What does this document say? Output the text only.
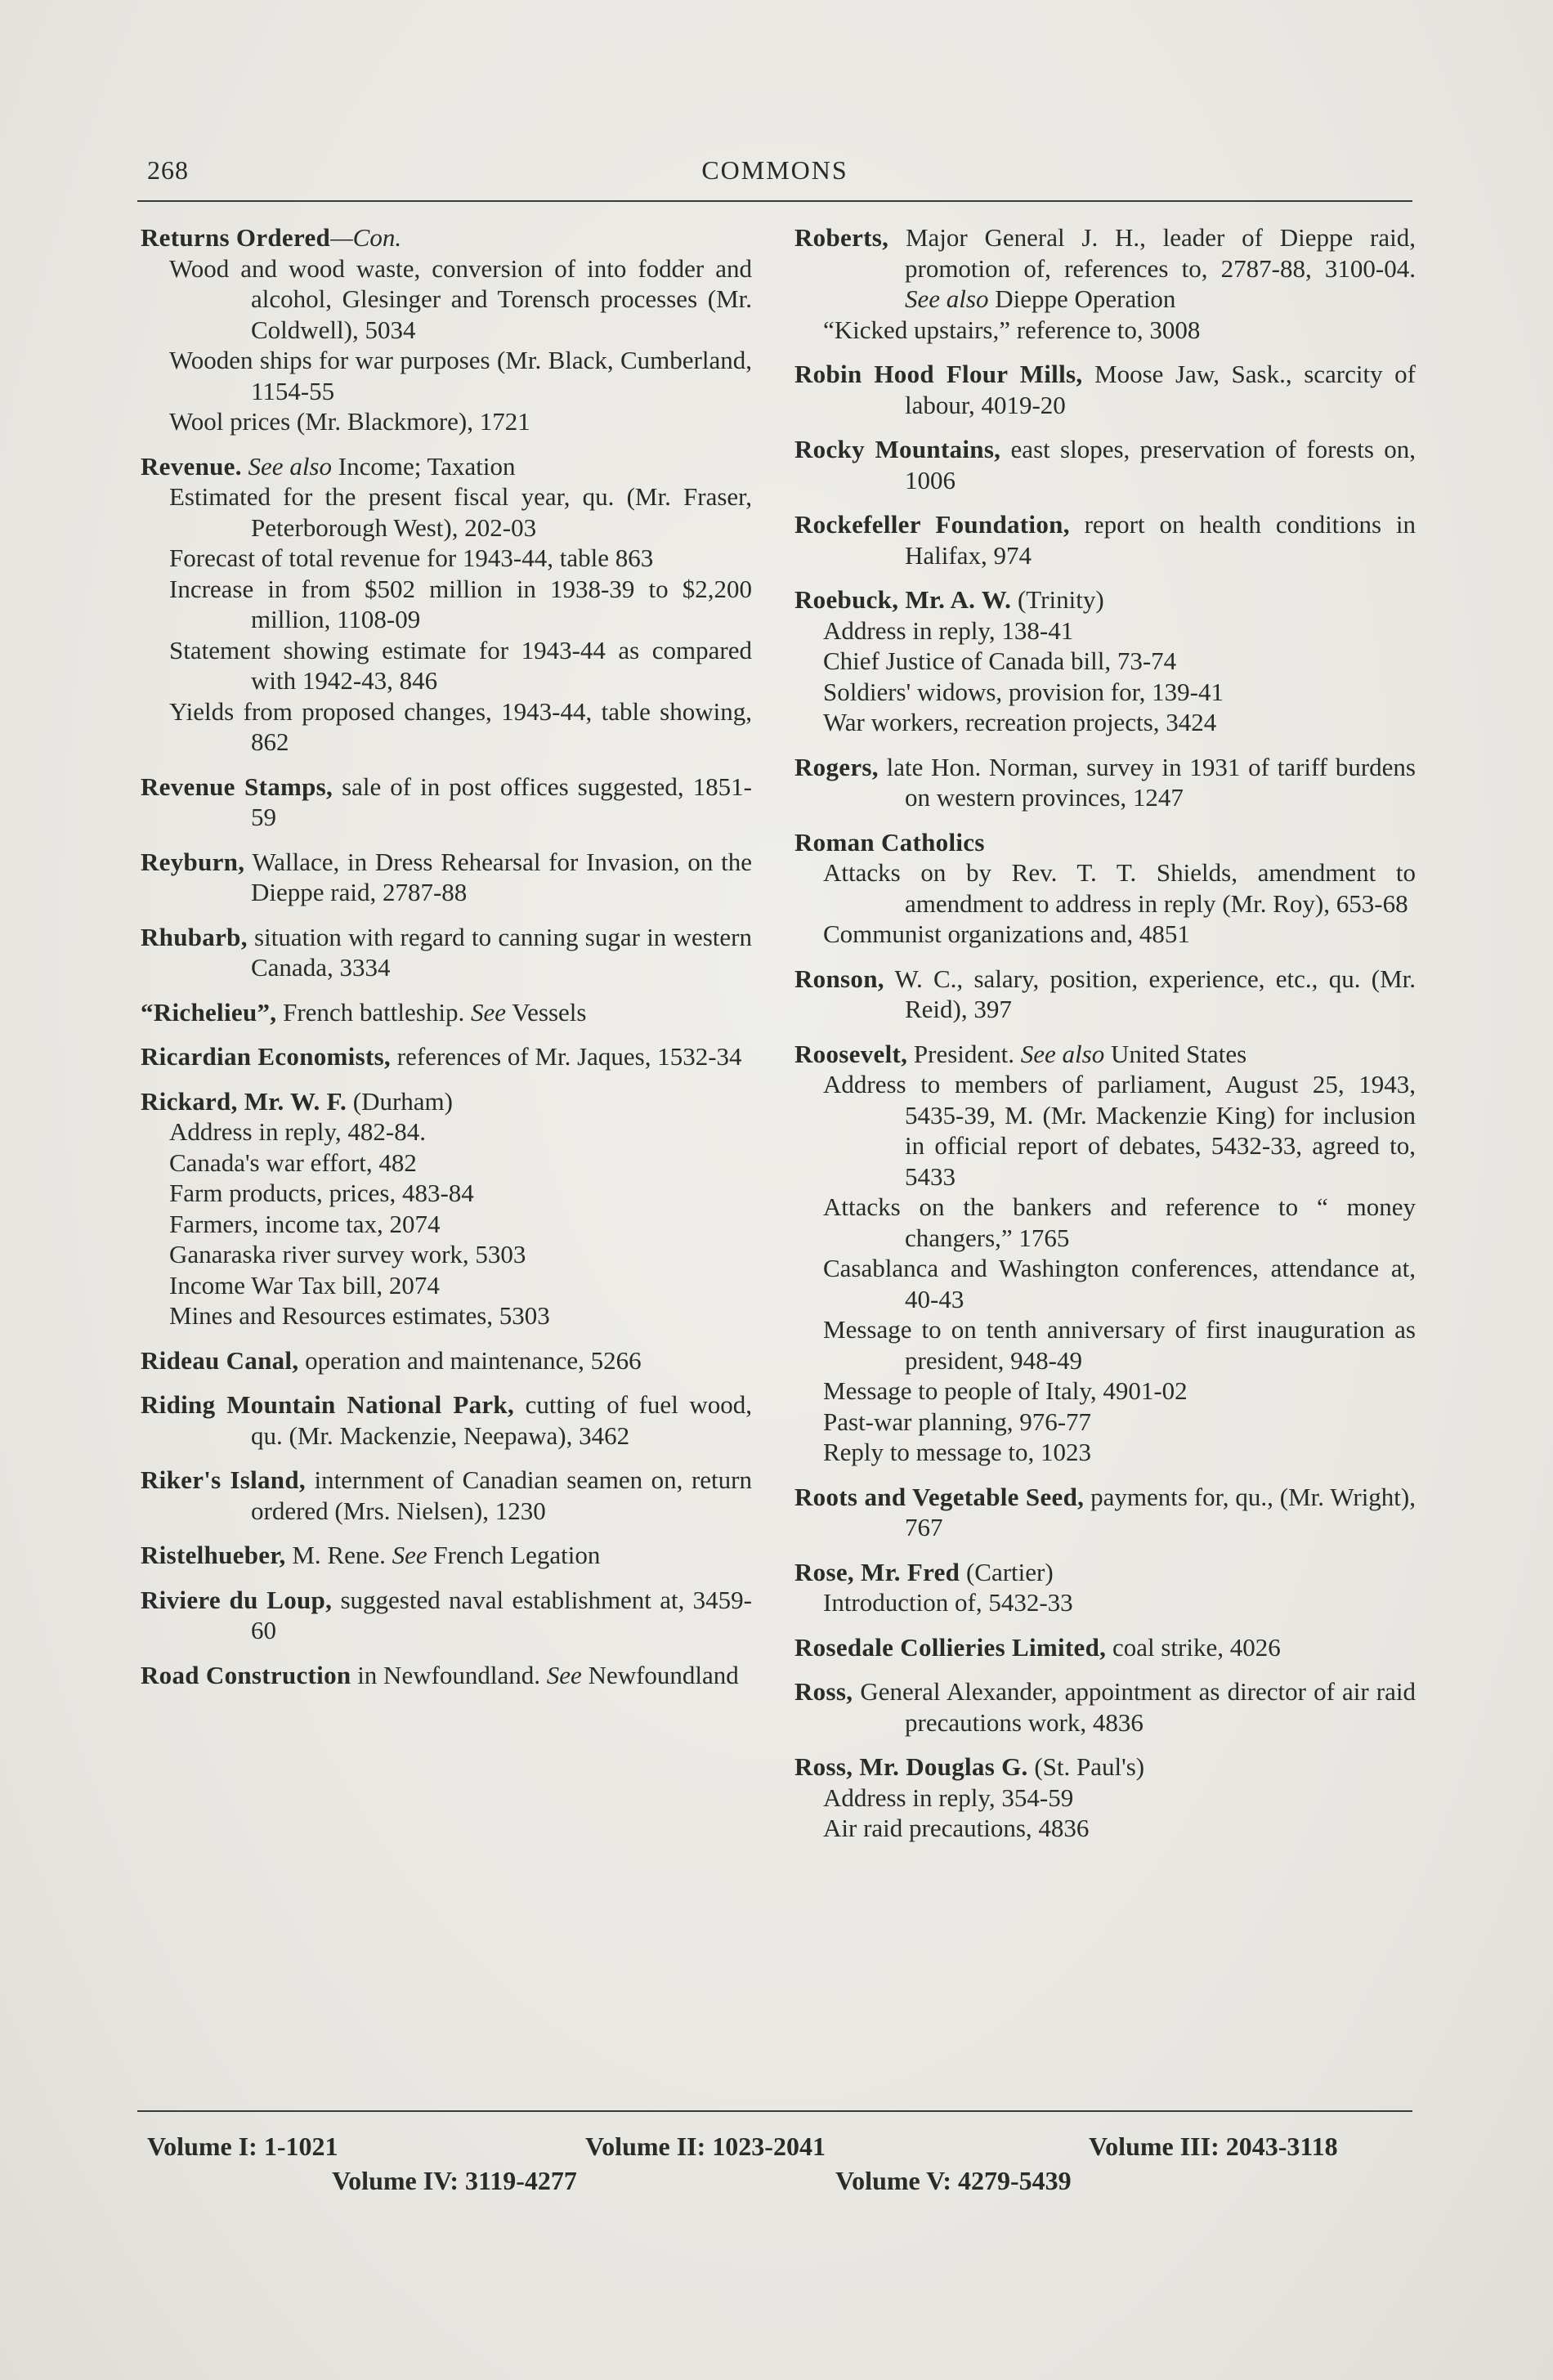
268	COMMONS
Returns Ordered—Con.
Wood and wood waste, conversion of into fodder and alcohol, Glesinger and Torensch processes (Mr. Coldwell), 5034
Wooden ships for war purposes (Mr. Black, Cumberland, 1154-55
Wool prices (Mr. Blackmore), 1721
Revenue. See also Income; Taxation
Estimated for the present fiscal year, qu. (Mr. Fraser, Peterborough West), 202-03
Forecast of total revenue for 1943-44, table 863
Increase in from $502 million in 1938-39 to $2,200 million, 1108-09
Statement showing estimate for 1943-44 as compared with 1942-43, 846
Yields from proposed changes, 1943-44, table showing, 862
Revenue Stamps, sale of in post offices suggested, 1851-59
Reyburn, Wallace, in Dress Rehearsal for Invasion, on the Dieppe raid, 2787-88
Rhubarb, situation with regard to canning sugar in western Canada, 3334
“Richelieu”, French battleship. See Vessels
Ricardian Economists, references of Mr. Jaques, 1532-34
Rickard, Mr. W. F. (Durham)
Address in reply, 482-84.
Canada's war effort, 482
Farm products, prices, 483-84
Farmers, income tax, 2074
Ganaraska river survey work, 5303
Income War Tax bill, 2074
Mines and Resources estimates, 5303
Rideau Canal, operation and maintenance, 5266
Riding Mountain National Park, cutting of fuel wood, qu. (Mr. Mackenzie, Neepawa), 3462
Riker's Island, internment of Canadian seamen on, return ordered (Mrs. Nielsen), 1230
Ristelhueber, M. Rene. See French Legation
Riviere du Loup, suggested naval establishment at, 3459-60
Road Construction in Newfoundland. See Newfoundland
Roberts, Major General J. H., leader of Dieppe raid, promotion of, references to, 2787-88, 3100-04. See also Dieppe Operation
“Kicked upstairs,” reference to, 3008
Robin Hood Flour Mills, Moose Jaw, Sask., scarcity of labour, 4019-20
Rocky Mountains, east slopes, preservation of forests on, 1006
Rockefeller Foundation, report on health conditions in Halifax, 974
Roebuck, Mr. A. W. (Trinity)
Address in reply, 138-41
Chief Justice of Canada bill, 73-74
Soldiers' widows, provision for, 139-41
War workers, recreation projects, 3424
Rogers, late Hon. Norman, survey in 1931 of tariff burdens on western provinces, 1247
Roman Catholics
Attacks on by Rev. T. T. Shields, amendment to amendment to address in reply (Mr. Roy), 653-68
Communist organizations and, 4851
Ronson, W. C., salary, position, experience, etc., qu. (Mr. Reid), 397
Roosevelt, President. See also United States
Address to members of parliament, August 25, 1943, 5435-39, M. (Mr. Mackenzie King) for inclusion in official report of debates, 5432-33, agreed to, 5433
Attacks on the bankers and reference to “ money changers,” 1765
Casablanca and Washington conferences, attendance at, 40-43
Message to on tenth anniversary of first inauguration as president, 948-49
Message to people of Italy, 4901-02
Past-war planning, 976-77
Reply to message to, 1023
Roots and Vegetable Seed, payments for, qu., (Mr. Wright), 767
Rose, Mr. Fred (Cartier)
Introduction of, 5432-33
Rosedale Collieries Limited, coal strike, 4026
Ross, General Alexander, appointment as director of air raid precautions work, 4836
Ross, Mr. Douglas G. (St. Paul's)
Address in reply, 354-59
Air raid precautions, 4836
Volume I: 1-1021	Volume II: 1023-2041	Volume III: 2043-3118
Volume IV: 3119-4277	Volume V: 4279-5439
